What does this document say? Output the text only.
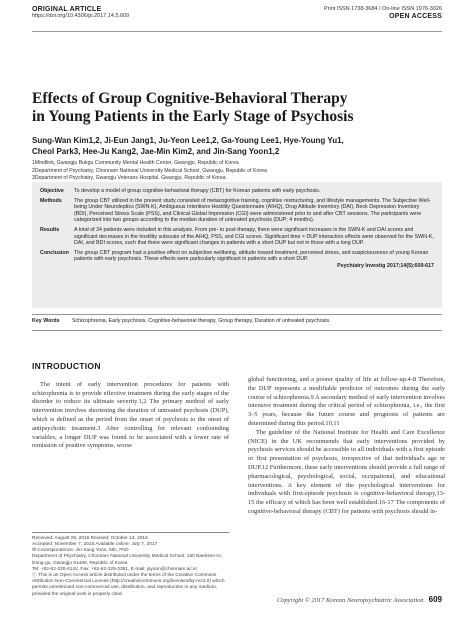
ORIGINAL ARTICLE
https://doi.org/10.4306/pi.2017.14.5.609
Print ISSN 1738-3684 / On-line ISSN 1976-3026
OPEN ACCESS
Effects of Group Cognitive-Behavioral Therapy
in Young Patients in the Early Stage of Psychosis
Sung-Wan Kim1,2, Ji-Eun Jang1, Ju-Yeon Lee1,2, Ga-Young Lee1, Hye-Young Yu1,
Cheol Park3, Hee-Ju Kang2, Jae-Min Kim2, and Jin-Sang Yoon1,2
1Mindlink, Gwangju Bukgu Community Mental Health Center, Gwangju, Republic of Korea
2Department of Psychiatry, Chonnam National University Medical School, Gwangju, Republic of Korea
3Department of Psychiatry, Gwangju Veterans Hospital, Gwangju, Republic of Korea
Objective	To develop a model of group cognitive-behavioral therapy (CBT) for Korean patients with early psychosis.
Methods	The group CBT utilized in the present study consisted of metacognitive training, cognitive restructuring, and lifestyle managements. The Subjective Well-being Under Neuroleptics (SWN-K), Ambiguous Intentions Hostility Questionnaire (AIHQ), Drug Attitude Inventory (DAI), Beck Depression Inventory (BDI), Perceived Stress Scale (PSS), and Clinical Global Impression (CGI) were administered prior to and after CBT sessions. The participants were categorized into two groups according to the median duration of untreated psychosis (DUP; 4 months).
Results	A total of 34 patients were included in this analysis. From pre- to post-therapy, there were significant increases in the SWN-K and DAI scores and significant decreases in the hostility subscale of the AIHQ, PSS, and CGI scores. Significant time × DUP interaction effects were observed for the SWN-K, DAI, and BDI scores, such that there were significant changes in patients with a short DUP but not in those with a long DUP.
Conclusion The group CBT program had a positive effect on subjective wellbeing, attitude toward treatment, perceived stress, and suspiciousness of young Korean patients with early psychosis. These effects were particularly significant in patients with a short DUP.
Psychiatry Investig 2017;14(5):609-617
Key Words	Schizophrenia, Early psychosis, Cognitive-behavioral therapy, Group therapy, Duration of untreated psychosis.
INTRODUCTION

The intent of early intervention procedures for patients with schizophrenia is to provide effective treatment during the early stages of the disorder to reduce its ultimate severity.1,2 The primary method of early intervention involves shortening the duration of untreated psychosis (DUP), which is defined as the period from the onset of psychosis to the onset of antipsychotic treatment.3 After controlling for relevant confounding variables, a longer DUP was found to be associated with a lower rate of remission of positive symptoms, worse

global functioning, and a poorer quality of life at follow-up.4-8 Therefore, the DUP represents a modifiable predictor of outcomes during the early course of schizophrenia.9 A secondary method of early intervention involves intensive treatment during the critical period of schizophrenia, i.e., the first 3–5 years, because the future course and prognosis of patients are determined during this period.10,11

The guideline of the National Institute for Health and Care Excellence (NICE) in the UK recommends that early interventions provided by psychosis services should be accessible to all individuals with a first episode or first presentation of psychosis, irrespective of that individual's age or DUP.12 Furthermore, these early interventions should provide a full range of pharmacological, psychological, social, occupational, and educational interventions. A key element of the psychological interventions for individuals with first-episode psychosis is cognitive-behavioral therapy,13-15 the efficacy of which has been well established.16-17 The components of cognitive-behavioral therapy (CBT) for patients with psychosis should in-

Received: August 28, 2016 Revised: October 13, 2016
Accepted: November 7, 2016 Available online: July 7, 2017
✉ Correspondence: Jin-Sang Yoon, MD, PhD
Department of Psychiatry, Chonnam National University Medical School, 160 Baekseo-ro, Dong-gu, Gwangju 61469, Republic of Korea
Tel: +82-62-220-6142, Fax: +82-62-225-2351, E-mail: jsyoon@chonnam.ac.kr
ⓒ This is an Open Access article distributed under the terms of the Creative Commons Attribution Non-Commercial License (http://creativecommons.org/licenses/by-nc/4.0) which permits unrestricted non-commercial use, distribution, and reproduction in any medium, provided the original work is properly cited.
Copyright © 2017 Korean Neuropsychiatric Association 609
